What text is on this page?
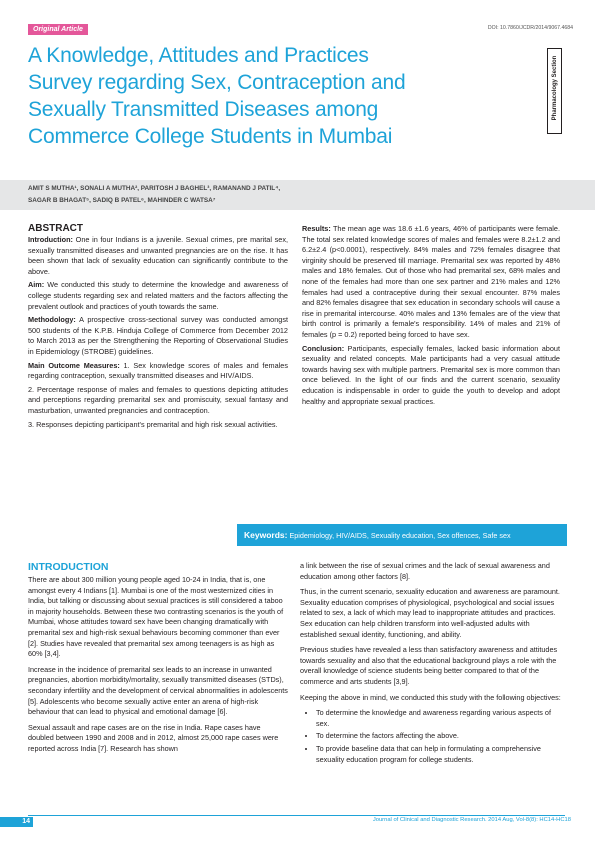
Original Article	DOI: 10.7860/JCDR/2014/9067.4684
A Knowledge, Attitudes and Practices
Survey regarding Sex, Contraception and
Sexually Transmitted Diseases among
Commerce College Students in Mumbai
Pharmacology Section
AMIT S MUTHA¹, SONALI A MUTHA², PARITOSH J BAGHEL³, RAMANAND J PATIL⁴,
SAGAR B BHAGAT⁵, SADIQ B PATEL⁶, MAHINDER C WATSA⁷
ABSTRACT

Introduction: One in four Indians is a juvenile. Sexual crimes, pre marital sex, sexually transmitted diseases and unwanted pregnancies are on the rise. It has been shown that lack of sexuality education can significantly contribute to the above.

Aim: We conducted this study to determine the knowledge and awareness of college students regarding sex and related matters and the factors affecting the prevalent outlook and practices of youth towards the same.

Methodology: A prospective cross-sectional survey was conducted amongst 500 students of the K.P.B. Hinduja College of Commerce from December 2012 to March 2013 as per the Strengthening the Reporting of Observational Studies in Epidemiology (STROBE) guidelines.

Main Outcome Measures: 1. Sex knowledge scores of males and females regarding contraception, sexually transmitted diseases and HIV/AIDS.

2. Percentage response of males and females to questions depicting attitudes and perceptions regarding premarital sex and promiscuity, sexual fantasy and masturbation, unwanted pregnancies and contraception.

3. Responses depicting participant's premarital and high risk sexual activities.

Results: The mean age was 18.6 ±1.6 years, 46% of participants were female. The total sex related knowledge scores of males and females were 8.2±1.2 and 6.2±2.4 (p<0.0001), respectively. 84% males and 72% females disagree that virginity should be preserved till marriage. Premarital sex was reported by 48% males and 18% females. Out of those who had premarital sex, 68% males and none of the females had more than one sex partner and 21% males and 12% females had used a contraceptive during their sexual encounter. 87% males and 82% females disagree that sex education in secondary schools will cause a rise in premarital intercourse. 40% males and 13% females are of the view that birth control is primarily a female's responsibility. 14% of males and 21% of females (p = 0.2) reported being forced to have sex.

Conclusion: Participants, especially females, lacked basic information about sexuality and related concepts. Male participants had a very casual attitude towards having sex with multiple partners. Premarital sex is more common than once believed. In the light of our finds and the current scenario, sexuality education is indispensable in order to guide the youth to develop and adopt healthy and appropriate sexual practices.

Keywords: Epidemiology, HIV/AIDS, Sexuality education, Sex offences, Safe sex
INTRODUCTION

There are about 300 million young people aged 10-24 in India, that is, one amongst every 4 Indians [1]. Mumbai is one of the most westernized cities in India, but talking or discussing about sexual practices is still considered a taboo in majority households. Between these two contrasting scenarios is the youth of Mumbai, whose attitudes toward sex have been changing dramatically with premarital sex and high-risk sexual behaviours becoming commoner than ever [2]. Studies have revealed that premarital sex among teenagers is as high as 60% [3,4].

Increase in the incidence of premarital sex leads to an increase in unwanted pregnancies, abortion morbidity/mortality, sexually transmitted diseases (STDs), secondary infertility and the development of cervical abnormalities in adolescents [5]. Adolescents who become sexually active enter an arena of high-risk behaviour that can lead to physical and emotional damage [6].

Sexual assault and rape cases are on the rise in India. Rape cases have doubled between 1990 and 2008 and in 2012, almost 25,000 rape cases were reported across India [7]. Research has shown

a link between the rise of sexual crimes and the lack of sexual awareness and education among other factors [8].

Thus, in the current scenario, sexuality education and awareness are paramount. Sexuality education comprises of physiological, psychological and social issues related to sex, a lack of which may lead to inappropriate attitudes and practices. Sex education can help children transform into well-adjusted adults with established sexual identity, functioning, and ability.

Previous studies have revealed a less than satisfactory awareness and attitudes towards sexuality and also that the educational background plays a role with the overall knowledge of science students being better compared to that of the commerce and arts students [3,9].

Keeping the above in mind, we conducted this study with the following objectives:

• To determine the knowledge and awareness regarding various aspects of sex.
• To determine the factors affecting the above.
• To provide baseline data that can help in formulating a comprehensive sexuality education program for college students.
14	Journal of Clinical and Diagnostic Research. 2014 Aug, Vol-8(8): HC14-HC18
